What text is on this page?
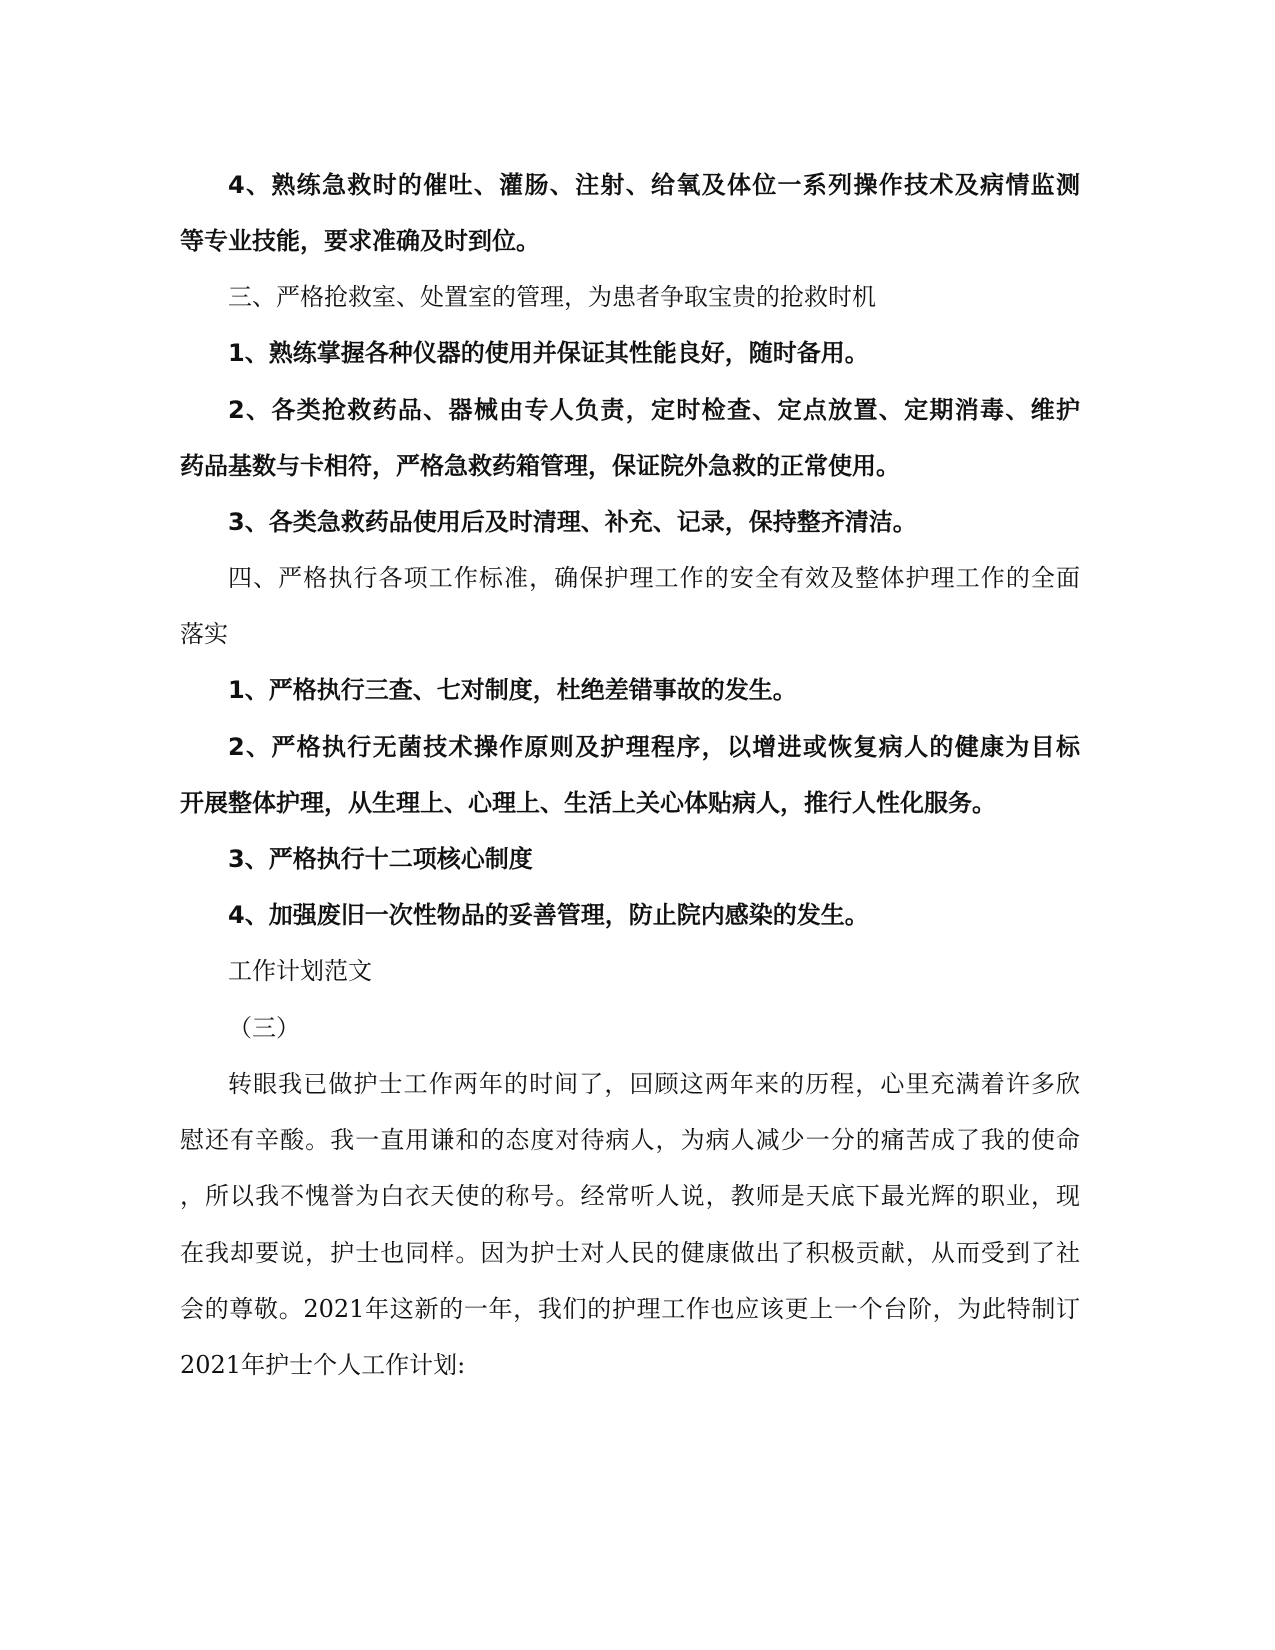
4、熟练急救时的催吐、灌肠、注射、给氧及体位一系列操作技术及病情监测
等专业技能，要求准确及时到位。
三、严格抢救室、处置室的管理，为患者争取宝贵的抢救时机
1、熟练掌握各种仪器的使用并保证其性能良好，随时备用。
2、各类抢救药品、器械由专人负责，定时检查、定点放置、定期消毒、维护
药品基数与卡相符，严格急救药箱管理，保证院外急救的正常使用。
3、各类急救药品使用后及时清理、补充、记录，保持整齐清洁。
四、严格执行各项工作标准，确保护理工作的安全有效及整体护理工作的全面
落实
1、严格执行三查、七对制度，杜绝差错事故的发生。
2、严格执行无菌技术操作原则及护理程序，以增进或恢复病人的健康为目标
开展整体护理，从生理上、心理上、生活上关心体贴病人，推行人性化服务。
3、严格执行十二项核心制度
4、加强废旧一次性物品的妥善管理，防止院内感染的发生。
工作计划范文
（三）
转眼我已做护士工作两年的时间了，回顾这两年来的历程，心里充满着许多欣
慰还有辛酸。我一直用谦和的态度对待病人，为病人减少一分的痛苦成了我的使命
，所以我不愧誉为白衣天使的称号。经常听人说，教师是天底下最光辉的职业，现
在我却要说，护士也同样。因为护士对人民的健康做出了积极贡献，从而受到了社
会的尊敬。2021年这新的一年，我们的护理工作也应该更上一个台阶，为此特制订
2021年护士个人工作计划:
